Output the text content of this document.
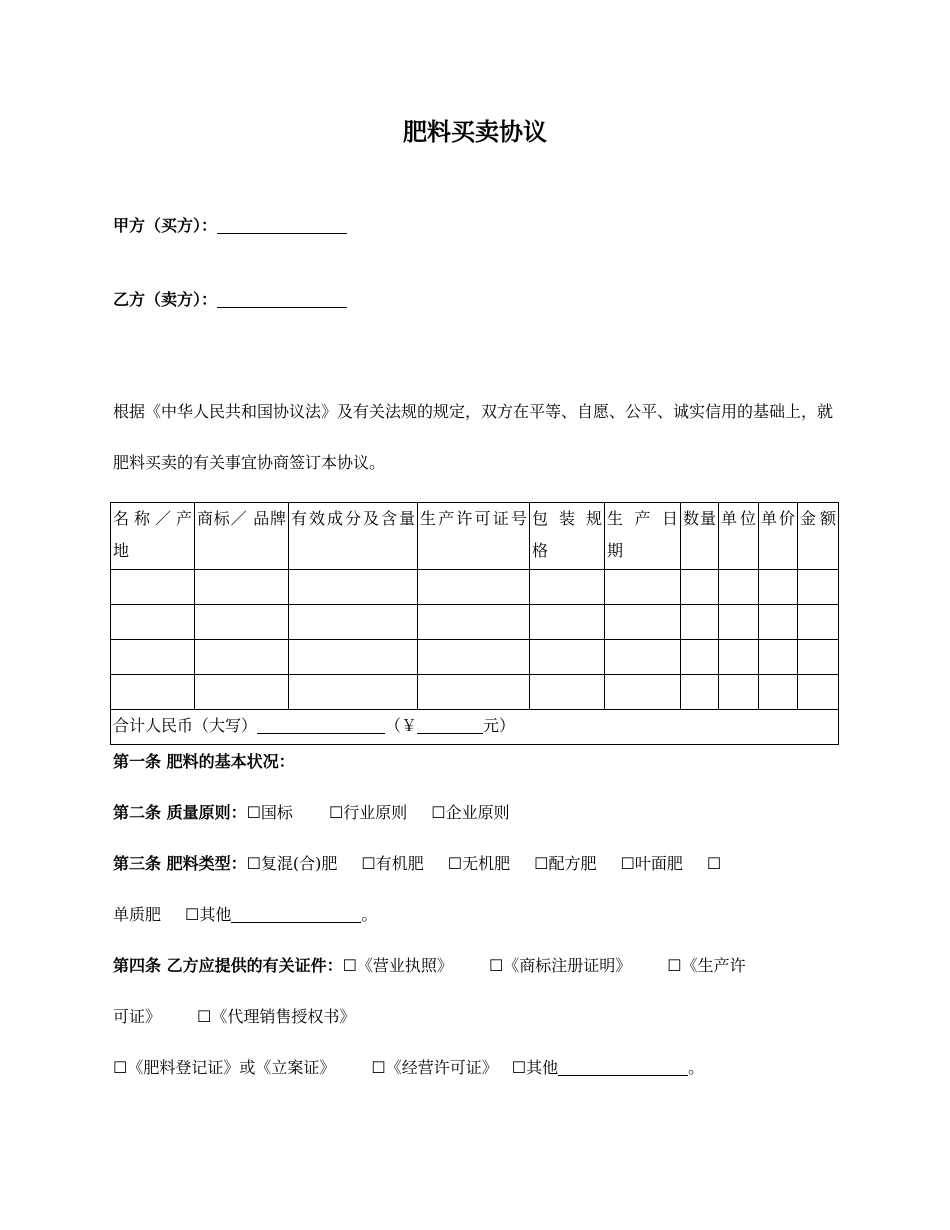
肥料买卖协议
甲方（买方）：
乙方（卖方）：
根据《中华人民共和国协议法》及有关法规的规定，双方在平等、自愿、公平、诚实信用的基础上，就肥料买卖的有关事宜协商签订本协议。
名称／产地	商标／ 品牌	有效成分及含量	生产许可证号	包 装 规格	生 产 日期	数量	单位	单价	金额

合计人民币（大写） （￥ 元）									
第一条 肥料的基本状况：
第二条 质量原则：☐国标 ☐行业原则 ☐企业原则
第三条 肥料类型：☐复混(合)肥 ☐有机肥 ☐无机肥 ☐配方肥 ☐叶面肥 ☐
单质肥 ☐其他	。
第四条 乙方应提供的有关证件：☐《营业执照》 ☐《商标注册证明》 ☐《生产许
可证》 ☐《代理销售授权书》
☐《肥料登记证》或《立案证》 ☐《经营许可证》 ☐其他	。
